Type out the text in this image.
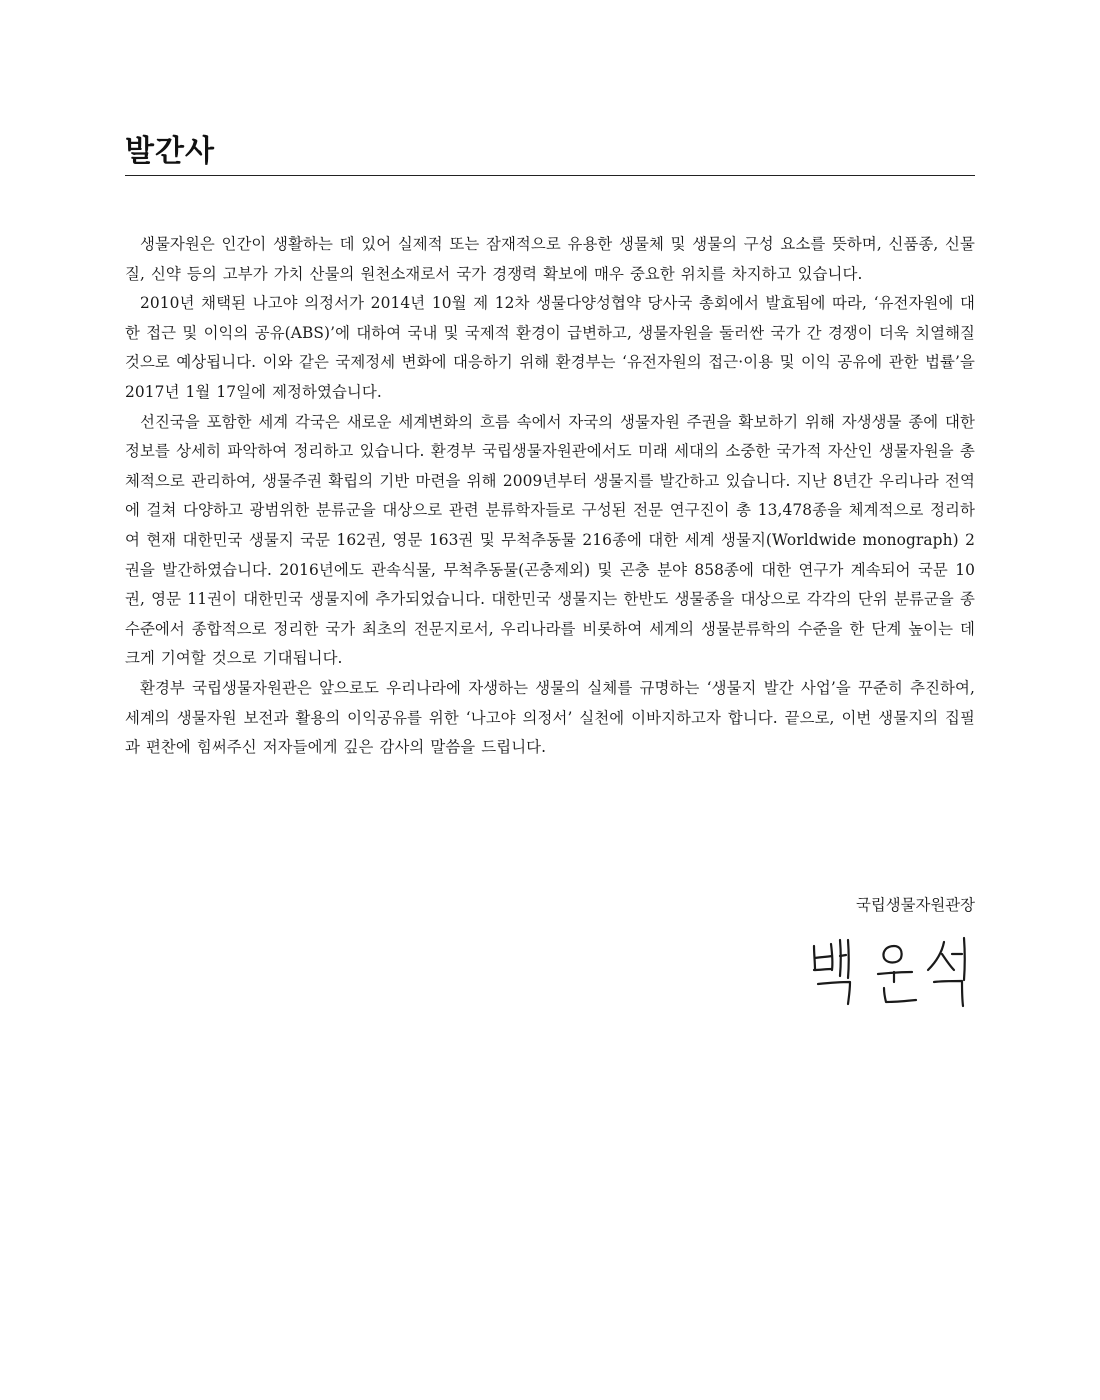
발간사

생물자원은 인간이 생활하는 데 있어 실제적 또는 잠재적으로 유용한 생물체 및 생물의 구성 요소를 뜻하며, 신품종, 신물질, 신약 등의 고부가 가치 산물의 원천소재로서 국가 경쟁력 확보에 매우 중요한 위치를 차지하고 있습니다.

2010년 채택된 나고야 의정서가 2014년 10월 제 12차 생물다양성협약 당사국 총회에서 발효됨에 따라, ‘유전자원에 대한 접근 및 이익의 공유(ABS)’에 대하여 국내 및 국제적 환경이 급변하고, 생물자원을 둘러싼 국가 간 경쟁이 더욱 치열해질 것으로 예상됩니다. 이와 같은 국제정세 변화에 대응하기 위해 환경부는 ‘유전자원의 접근·이용 및 이익 공유에 관한 법률’을 2017년 1월 17일에 제정하였습니다.

선진국을 포함한 세계 각국은 새로운 세계변화의 흐름 속에서 자국의 생물자원 주권을 확보하기 위해 자생생물 종에 대한 정보를 상세히 파악하여 정리하고 있습니다. 환경부 국립생물자원관에서도 미래 세대의 소중한 국가적 자산인 생물자원을 총체적으로 관리하여, 생물주권 확립의 기반 마련을 위해 2009년부터 생물지를 발간하고 있습니다. 지난 8년간 우리나라 전역에 걸쳐 다양하고 광범위한 분류군을 대상으로 관련 분류학자들로 구성된 전문 연구진이 총 13,478종을 체계적으로 정리하여 현재 대한민국 생물지 국문 162권, 영문 163권 및 무척추동물 216종에 대한 세계 생물지(Worldwide monograph) 2권을 발간하였습니다. 2016년에도 관속식물, 무척추동물(곤충제외) 및 곤충 분야 858종에 대한 연구가 계속되어 국문 10권, 영문 11권이 대한민국 생물지에 추가되었습니다. 대한민국 생물지는 한반도 생물종을 대상으로 각각의 단위 분류군을 종 수준에서 종합적으로 정리한 국가 최초의 전문지로서, 우리나라를 비롯하여 세계의 생물분류학의 수준을 한 단계 높이는 데 크게 기여할 것으로 기대됩니다.

환경부 국립생물자원관은 앞으로도 우리나라에 자생하는 생물의 실체를 규명하는 ‘생물지 발간 사업’을 꾸준히 추진하여, 세계의 생물자원 보전과 활용의 이익공유를 위한 ‘나고야 의정서’ 실천에 이바지하고자 합니다. 끝으로, 이번 생물지의 집필과 편찬에 힘써주신 저자들에게 깊은 감사의 말씀을 드립니다.

국립생물자원관장
